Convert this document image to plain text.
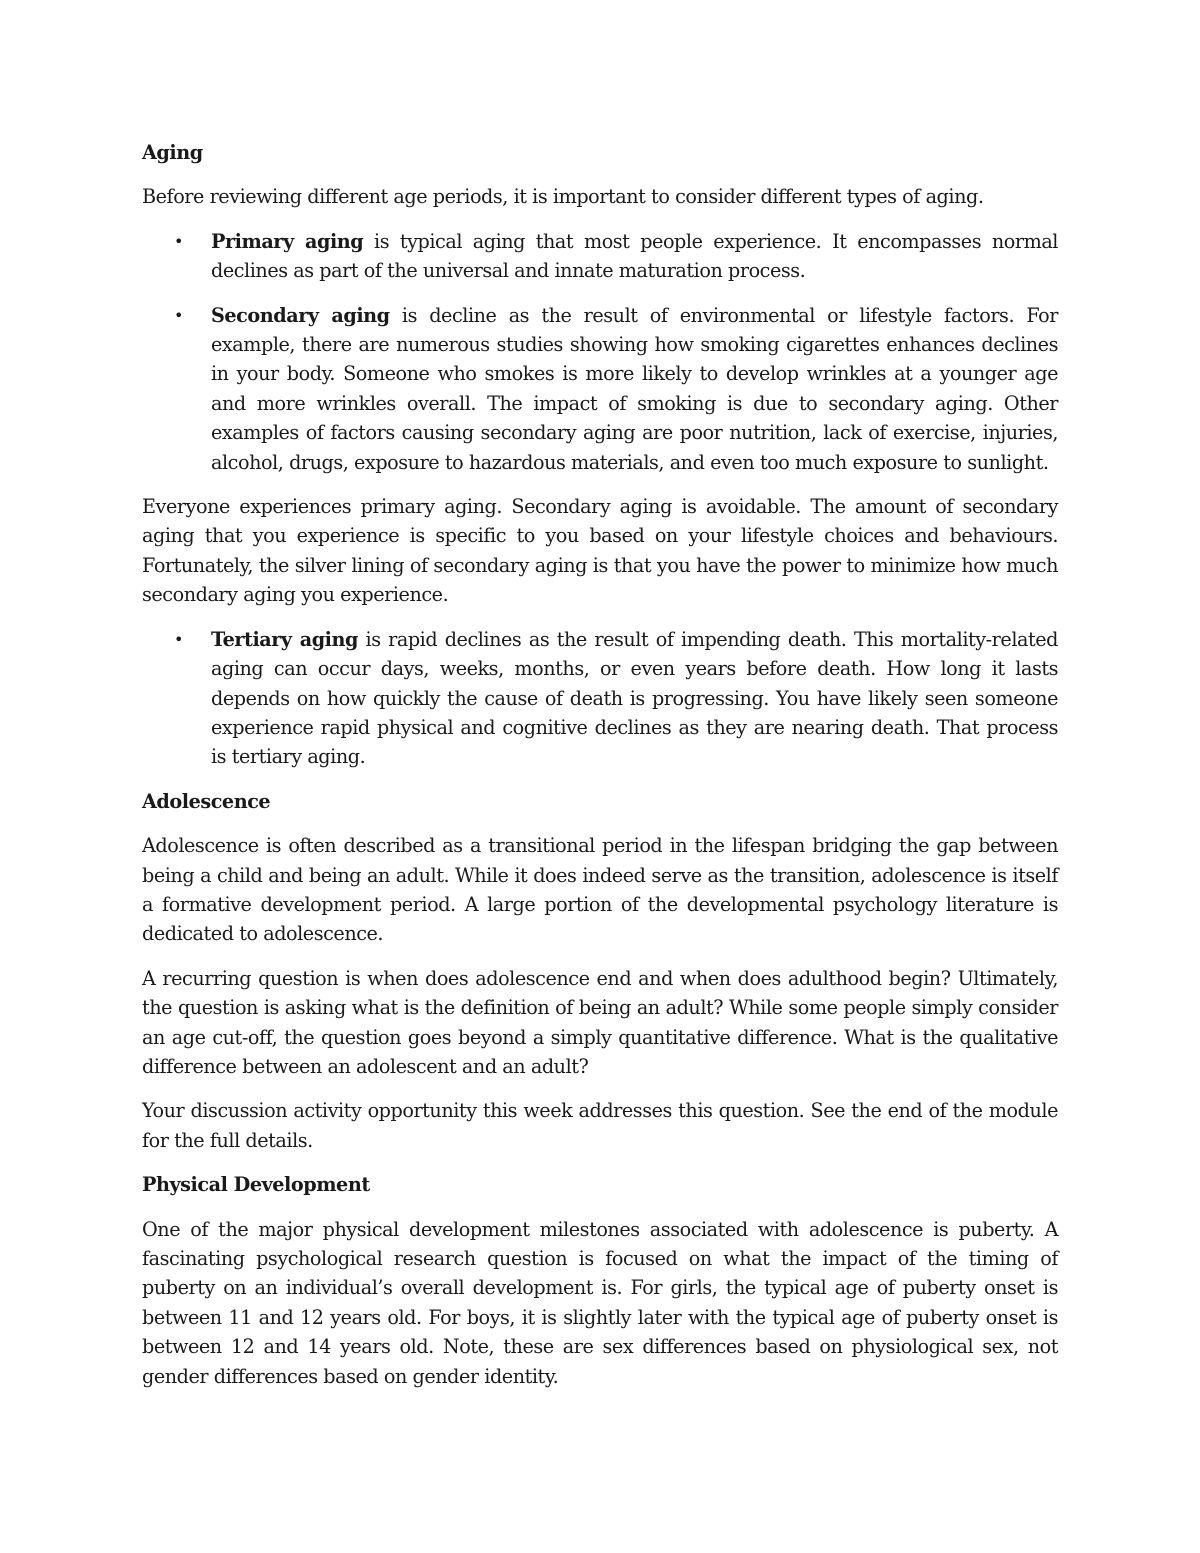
Aging

Before reviewing different age periods, it is important to consider different types of aging.

• Primary aging is typical aging that most people experience. It encompasses normal declines as part of the universal and innate maturation process.
• Secondary aging is decline as the result of environmental or lifestyle factors. For example, there are numerous studies showing how smoking cigarettes enhances declines in your body. Someone who smokes is more likely to develop wrinkles at a younger age and more wrinkles overall. The impact of smoking is due to secondary aging. Other examples of factors causing secondary aging are poor nutrition, lack of exercise, injuries, alcohol, drugs, exposure to hazardous materials, and even too much exposure to sunlight.

Everyone experiences primary aging. Secondary aging is avoidable. The amount of secondary aging that you experience is specific to you based on your lifestyle choices and behaviours. Fortunately, the silver lining of secondary aging is that you have the power to minimize how much secondary aging you experience.

• Tertiary aging is rapid declines as the result of impending death. This mortality-related aging can occur days, weeks, months, or even years before death. How long it lasts depends on how quickly the cause of death is progressing. You have likely seen someone experience rapid physical and cognitive declines as they are nearing death. That process is tertiary aging.
Adolescence

Adolescence is often described as a transitional period in the lifespan bridging the gap between being a child and being an adult. While it does indeed serve as the transition, adolescence is itself a formative development period. A large portion of the developmental psychology literature is dedicated to adolescence.

A recurring question is when does adolescence end and when does adulthood begin? Ultimately, the question is asking what is the definition of being an adult? While some people simply consider an age cut-off, the question goes beyond a simply quantitative difference. What is the qualitative difference between an adolescent and an adult?

Your discussion activity opportunity this week addresses this question. See the end of the module for the full details.

Physical Development

One of the major physical development milestones associated with adolescence is puberty. A fascinating psychological research question is focused on what the impact of the timing of puberty on an individual’s overall development is. For girls, the typical age of puberty onset is between 11 and 12 years old. For boys, it is slightly later with the typical age of puberty onset is between 12 and 14 years old. Note, these are sex differences based on physiological sex, not gender differences based on gender identity.
